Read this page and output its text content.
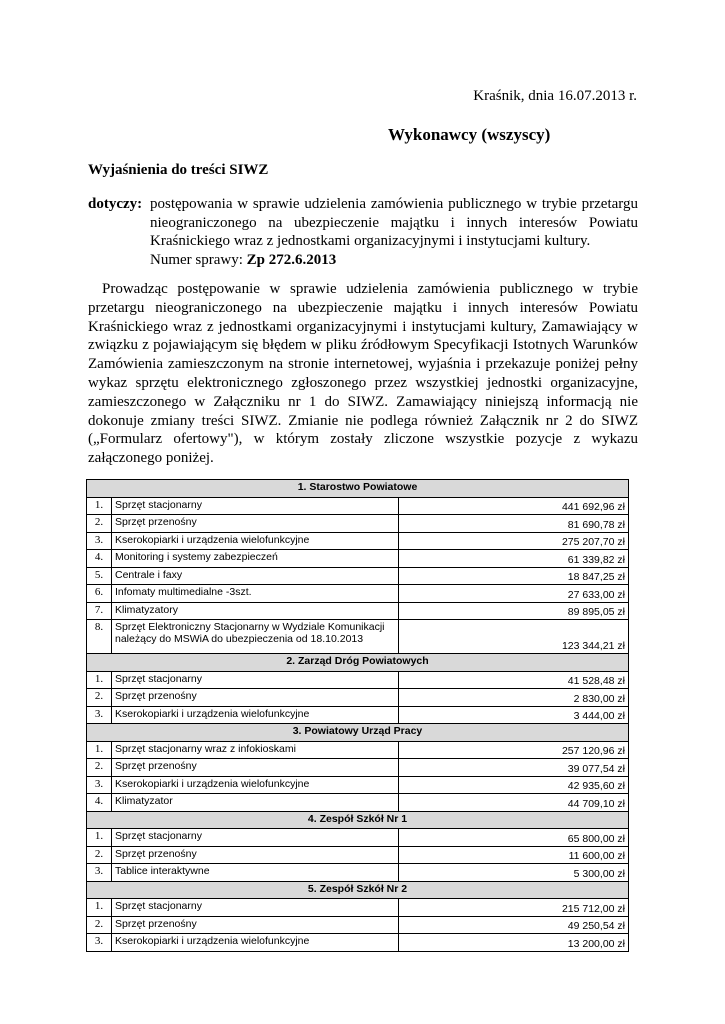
Kraśnik, dnia 16.07.2013 r.
Wykonawcy (wszyscy)
Wyjaśnienia do treści SIWZ
dotyczy: postępowania w sprawie udzielenia zamówienia publicznego w trybie przetargu nieograniczonego na ubezpieczenie majątku i innych interesów Powiatu Kraśnickiego wraz z jednostkami organizacyjnymi i instytucjami kultury.
Numer sprawy: Zp 272.6.2013
Prowadząc postępowanie w sprawie udzielenia zamówienia publicznego w trybie przetargu nieograniczonego na ubezpieczenie majątku i innych interesów Powiatu Kraśnickiego wraz z jednostkami organizacyjnymi i instytucjami kultury, Zamawiający w związku z pojawiającym się błędem w pliku źródłowym Specyfikacji Istotnych Warunków Zamówienia zamieszczonym na stronie internetowej, wyjaśnia i przekazuje poniżej pełny wykaz sprzętu elektronicznego zgłoszonego przez wszystkiej jednostki organizacyjne, zamieszczonego w Załączniku nr 1 do SIWZ. Zamawiający niniejszą informacją nie dokonuje zmiany treści SIWZ. Zmianie nie podlega również Załącznik nr 2 do SIWZ („Formularz ofertowy"), w którym zostały zliczone wszystkie pozycje z wykazu załączonego poniżej.
1. Starostwo Powiatowe		
1.	Sprzęt stacjonarny	441 692,96 zł
2.	Sprzęt przenośny	81 690,78 zł
3.	Kserokopiarki i urządzenia wielofunkcyjne	275 207,70 zł
4.	Monitoring i systemy zabezpieczeń	61 339,82 zł
5.	Centrale i faxy	18 847,25 zł
6.	Infomaty multimedialne -3szt.	27 633,00 zł
7.	Klimatyzatory	89 895,05 zł
8.	Sprzęt Elektroniczny Stacjonarny w Wydziale Komunikacji należący do MSWiA do ubezpieczenia od 18.10.2013	123 344,21 zł
2. Zarząd Dróg Powiatowych		
1.	Sprzęt stacjonarny	41 528,48 zł
2.	Sprzęt przenośny	2 830,00 zł
3.	Kserokopiarki i urządzenia wielofunkcyjne	3 444,00 zł
3. Powiatowy Urząd Pracy		
1.	Sprzęt stacjonarny wraz z infokioskami	257 120,96 zł
2.	Sprzęt przenośny	39 077,54 zł
3.	Kserokopiarki i urządzenia wielofunkcyjne	42 935,60 zł
4.	Klimatyzator	44 709,10 zł
4. Zespół Szkół Nr 1		
1.	Sprzęt stacjonarny	65 800,00 zł
2.	Sprzęt przenośny	11 600,00 zł
3.	Tablice interaktywne	5 300,00 zł
5. Zespół Szkół Nr 2		
1.	Sprzęt stacjonarny	215 712,00 zł
2.	Sprzęt przenośny	49 250,54 zł
3.	Kserokopiarki i urządzenia wielofunkcyjne	13 200,00 zł
